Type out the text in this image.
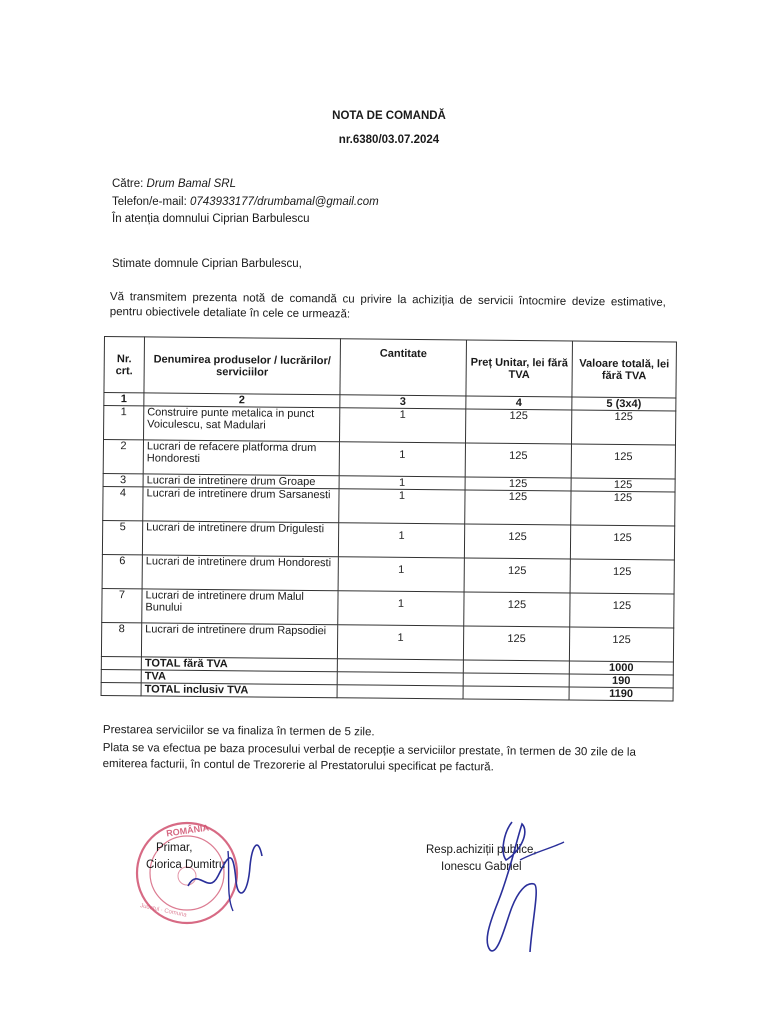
NOTA DE COMANDĂ
nr.6380/03.07.2024
Către: Drum Bamal SRL
Telefon/e-mail: 0743933177/drumbamal@gmail.com
În atenția domnului Ciprian Barbulescu
Stimate domnule Ciprian Barbulescu,
Vă transmitem prezenta notă de comandă cu privire la achiziția de servicii întocmire devize estimative, pentru obiectivele detaliate în cele ce urmează:
Nr. crt.	Denumirea produselor / lucrărilor/ serviciilor	Cantitate	Preț Unitar, lei fără TVA	Valoare totală, lei fără TVA
1	2	3	4	5 (3x4)
1	Construire punte metalica in punct Voiculescu, sat Madulari	1	125	125
2	Lucrari de refacere platforma drum Hondoresti	1	125	125
3	Lucrari de intretinere drum Groape	1	125	125
4	Lucrari de intretinere drum Sarsanesti	1	125	125
5	Lucrari de intretinere drum Drigulesti	1	125	125
6	Lucrari de intretinere drum Hondoresti	1	125	125
7	Lucrari de intretinere drum Malul Bunului	1	125	125
8	Lucrari de intretinere drum Rapsodiei	1	125	125
	TOTAL fără TVA			1000
	TVA			190
	TOTAL inclusiv TVA			1190
Prestarea serviciilor se va finaliza în termen de 5 zile.
Plata se va efectua pe baza procesului verbal de recepție a serviciilor prestate, în termen de 30 zile de la emiterea facturii, în contul de Trezorerie al Prestatorului specificat pe factură.
ROMÂNIA
Județul · Comuna
Primar,
Ciorica Dumitru
Resp.achiziții publice,
Ionescu Gabriel
